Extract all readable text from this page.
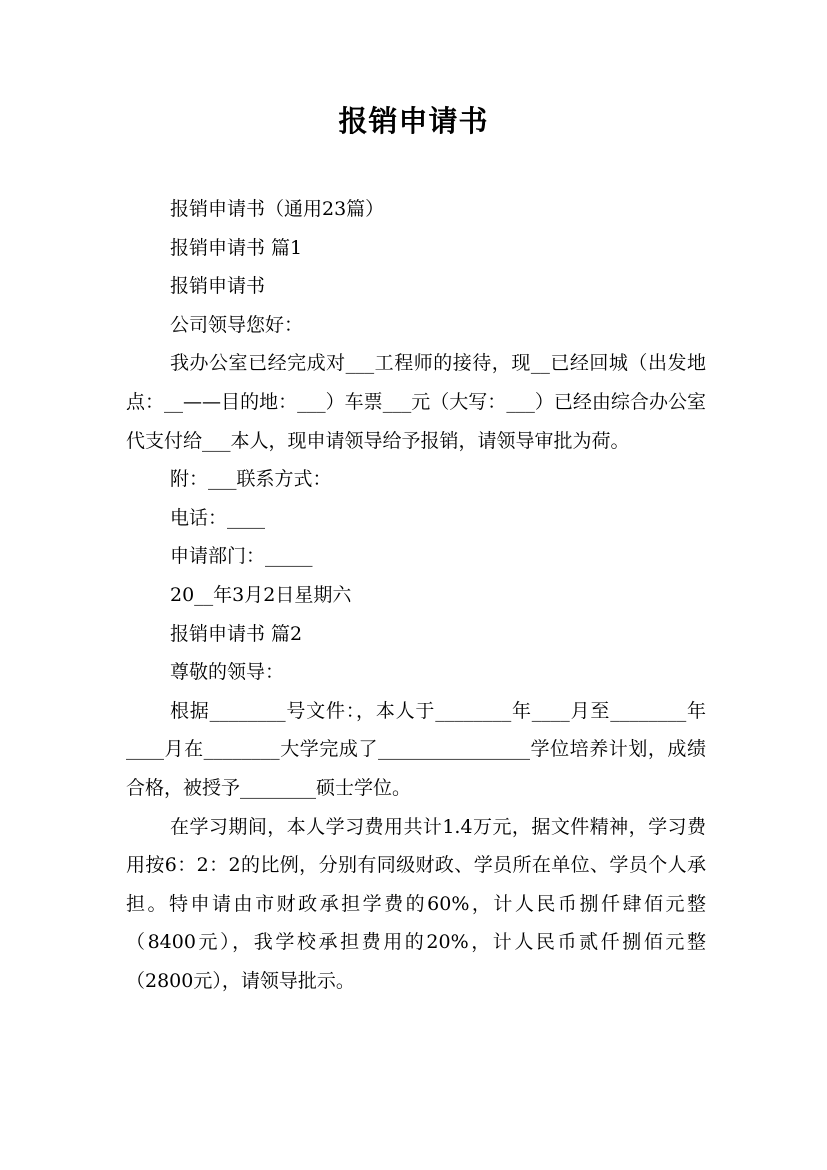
报销申请书
报销申请书（通用23篇）
报销申请书 篇1
报销申请书
公司领导您好：

我办公室已经完成对___工程师的接待，现__已经回城（出发地点：__——目的地：___）车票___元（大写：___）已经由综合办公室代支付给___本人，现申请领导给予报销，请领导审批为荷。

附：___联系方式：
电话：____
申请部门：_____
20__年3月2日星期六
报销申请书 篇2
尊敬的领导：

根据________号文件：，本人于________年____月至________年____月在________大学完成了________________学位培养计划，成绩合格，被授予________硕士学位。

在学习期间，本人学习费用共计1.4万元，据文件精神，学习费用按6：2：2的比例，分别有同级财政、学员所在单位、学员个人承担。特申请由市财政承担学费的60%，计人民币捌仟肆佰元整（8400元），我学校承担费用的20%，计人民币贰仟捌佰元整（2800元），请领导批示。
